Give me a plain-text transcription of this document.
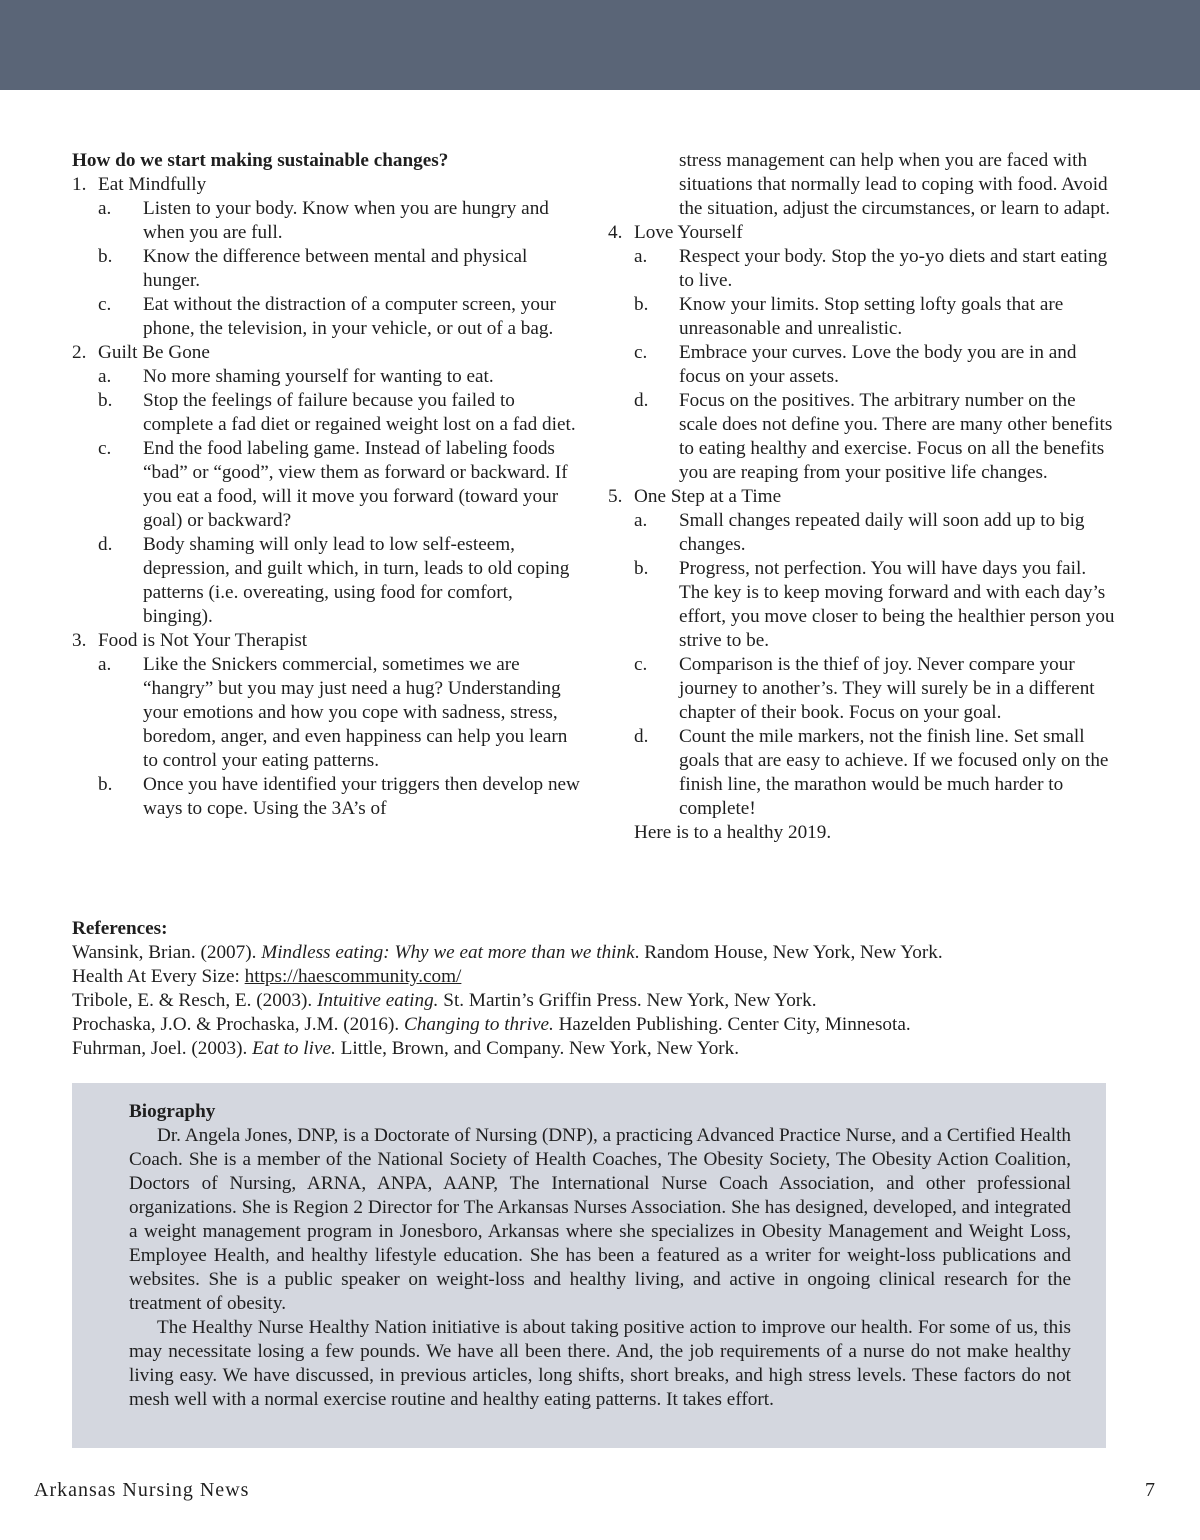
How do we start making sustainable changes?
1. Eat Mindfully
a. Listen to your body. Know when you are hungry and when you are full.
b. Know the difference between mental and physical hunger.
c. Eat without the distraction of a computer screen, your phone, the television, in your vehicle, or out of a bag.
2. Guilt Be Gone
a. No more shaming yourself for wanting to eat.
b. Stop the feelings of failure because you failed to complete a fad diet or regained weight lost on a fad diet.
c. End the food labeling game. Instead of labeling foods “bad” or “good”, view them as forward or backward. If you eat a food, will it move you forward (toward your goal) or backward?
d. Body shaming will only lead to low self-esteem, depression, and guilt which, in turn, leads to old coping patterns (i.e. overeating, using food for comfort, binging).
3. Food is Not Your Therapist
a. Like the Snickers commercial, sometimes we are “hangry” but you may just need a hug? Understanding your emotions and how you cope with sadness, stress, boredom, anger, and even happiness can help you learn to control your eating patterns.
b. Once you have identified your triggers then develop new ways to cope. Using the 3A’s of
stress management can help when you are faced with situations that normally lead to coping with food. Avoid the situation, adjust the circumstances, or learn to adapt.
4. Love Yourself
a. Respect your body. Stop the yo-yo diets and start eating to live.
b. Know your limits. Stop setting lofty goals that are unreasonable and unrealistic.
c. Embrace your curves. Love the body you are in and focus on your assets.
d. Focus on the positives. The arbitrary number on the scale does not define you. There are many other benefits to eating healthy and exercise. Focus on all the benefits you are reaping from your positive life changes.
5. One Step at a Time
a. Small changes repeated daily will soon add up to big changes.
b. Progress, not perfection. You will have days you fail. The key is to keep moving forward and with each day’s effort, you move closer to being the healthier person you strive to be.
c. Comparison is the thief of joy. Never compare your journey to another’s. They will surely be in a different chapter of their book. Focus on your goal.
d. Count the mile markers, not the finish line. Set small goals that are easy to achieve. If we focused only on the finish line, the marathon would be much harder to complete!
Here is to a healthy 2019.
References:
Wansink, Brian. (2007). Mindless eating: Why we eat more than we think. Random House, New York, New York.
Health At Every Size: https://haescommunity.com/
Tribole, E. & Resch, E. (2003). Intuitive eating. St. Martin’s Griffin Press. New York, New York.
Prochaska, J.O. & Prochaska, J.M. (2016). Changing to thrive. Hazelden Publishing. Center City, Minnesota.
Fuhrman, Joel. (2003). Eat to live. Little, Brown, and Company. New York, New York.
Biography
Dr. Angela Jones, DNP, is a Doctorate of Nursing (DNP), a practicing Advanced Practice Nurse, and a Certified Health Coach. She is a member of the National Society of Health Coaches, The Obesity Society, The Obesity Action Coalition, Doctors of Nursing, ARNA, ANPA, AANP, The International Nurse Coach Association, and other professional organizations. She is Region 2 Director for The Arkansas Nurses Association. She has designed, developed, and integrated a weight management program in Jonesboro, Arkansas where she specializes in Obesity Management and Weight Loss, Employee Health, and healthy lifestyle education. She has been a featured as a writer for weight-loss publications and websites. She is a public speaker on weight-loss and healthy living, and active in ongoing clinical research for the treatment of obesity.
The Healthy Nurse Healthy Nation initiative is about taking positive action to improve our health. For some of us, this may necessitate losing a few pounds. We have all been there. And, the job requirements of a nurse do not make healthy living easy. We have discussed, in previous articles, long shifts, short breaks, and high stress levels. These factors do not mesh well with a normal exercise routine and healthy eating patterns. It takes effort.
Arkansas Nursing News	7
